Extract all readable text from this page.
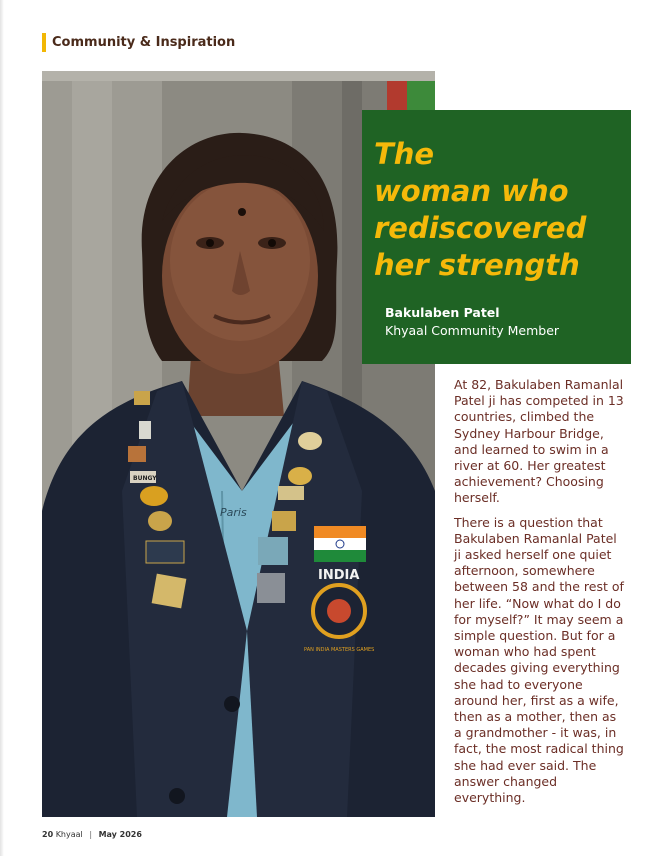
Community & Inspiration
Paris
BUNGY
INDIA
PAN INDIA MASTERS GAMES
The
woman who
rediscovered
her strength
Bakulaben Patel
Khyaal Community Member

At 82, Bakulaben Ramanlal
Patel ji has competed in 13
countries, climbed the
Sydney Harbour Bridge,
and learned to swim in a
river at 60. Her greatest
achievement? Choosing
herself.

There is a question that
Bakulaben Ramanlal Patel
ji asked herself one quiet
afternoon, somewhere
between 58 and the rest of
her life. “Now what do I do
for myself?” It may seem a
simple question. But for a
woman who had spent
decades giving everything
she had to everyone
around her, first as a wife,
then as a mother, then as
a grandmother - it was, in
fact, the most radical thing
she had ever said. The
answer changed
everything.

20 Khyaal | May 2026
